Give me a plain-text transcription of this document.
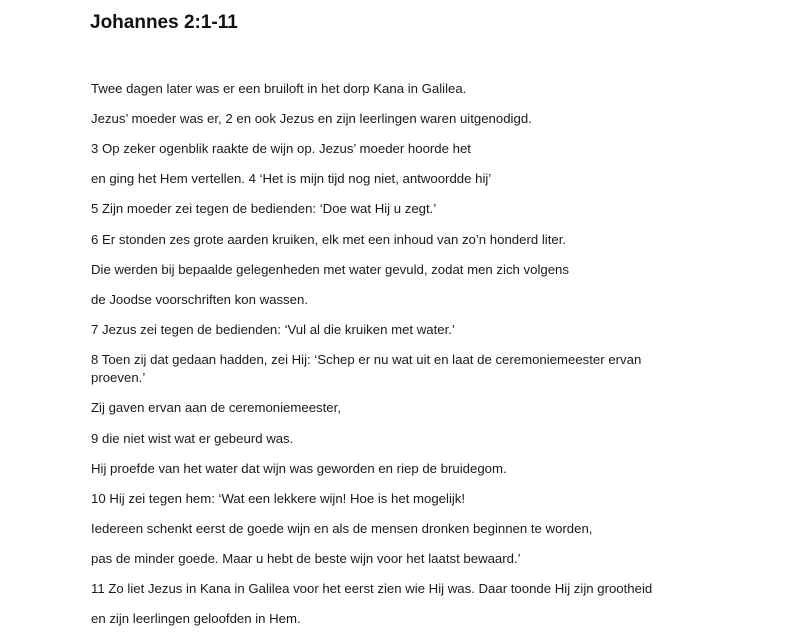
Johannes 2:1-11
Twee dagen later was er een bruiloft in het dorp Kana in Galilea.
Jezus’ moeder was er, 2 en ook Jezus en zijn leerlingen waren uitgenodigd.
3 Op zeker ogenblik raakte de wijn op. Jezus’ moeder hoorde het
en ging het Hem vertellen. 4 ‘Het is mijn tijd nog niet, antwoordde hij’
5 Zijn moeder zei tegen de bedienden: ‘Doe wat Hij u zegt.’
6 Er stonden zes grote aarden kruiken, elk met een inhoud van zo’n honderd liter.
Die werden bij bepaalde gelegenheden met water gevuld, zodat men zich volgens
de Joodse voorschriften kon wassen.
7 Jezus zei tegen de bedienden: ‘Vul al die kruiken met water.’
8 Toen zij dat gedaan hadden, zei Hij: ‘Schep er nu wat uit en laat de ceremoniemeester ervan proeven.’
Zij gaven ervan aan de ceremoniemeester,
9 die niet wist wat er gebeurd was.
Hij proefde van het water dat wijn was geworden en riep de bruidegom.
10 Hij zei tegen hem: ‘Wat een lekkere wijn! Hoe is het mogelijk!
Iedereen schenkt eerst de goede wijn en als de mensen dronken beginnen te worden,
pas de minder goede. Maar u hebt de beste wijn voor het laatst bewaard.’
11 Zo liet Jezus in Kana in Galilea voor het eerst zien wie Hij was. Daar toonde Hij zijn grootheid
en zijn leerlingen geloofden in Hem.
